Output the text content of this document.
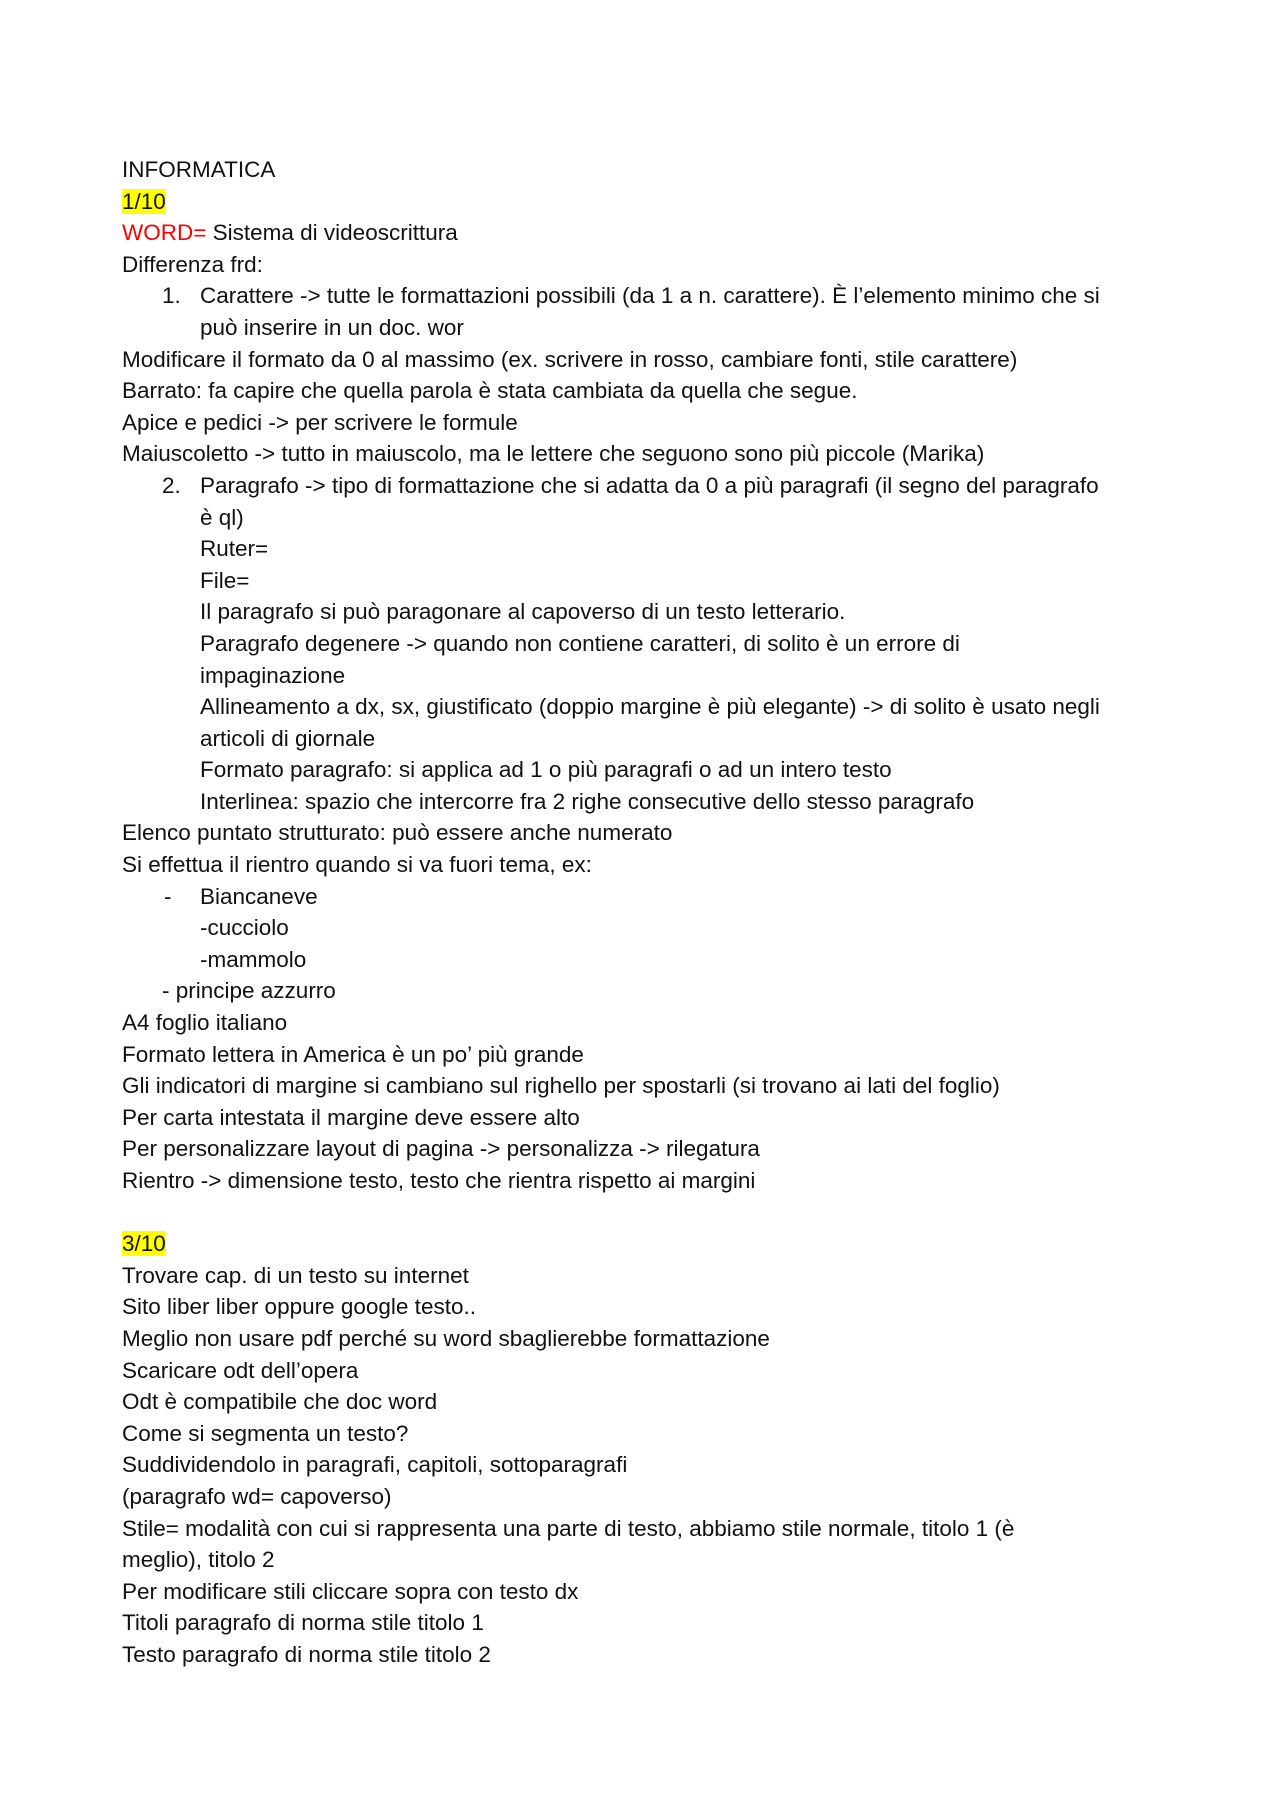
INFORMATICA
1/10
WORD= Sistema di videoscrittura
Differenza frd:
1. Carattere -> tutte le formattazioni possibili (da 1 a n. carattere). È l’elemento minimo che si
può inserire in un doc. wor
Modificare il formato da 0 al massimo (ex. scrivere in rosso, cambiare fonti, stile carattere)
Barrato: fa capire che quella parola è stata cambiata da quella che segue.
Apice e pedici -> per scrivere le formule
Maiuscoletto -> tutto in maiuscolo, ma le lettere che seguono sono più piccole (Marika)
2. Paragrafo -> tipo di formattazione che si adatta da 0 a più paragrafi (il segno del paragrafo
è ql)
Ruter=
File=
Il paragrafo si può paragonare al capoverso di un testo letterario.
Paragrafo degenere -> quando non contiene caratteri, di solito è un errore di
impaginazione
Allineamento a dx, sx, giustificato (doppio margine è più elegante) -> di solito è usato negli
articoli di giornale
Formato paragrafo: si applica ad 1 o più paragrafi o ad un intero testo
Interlinea: spazio che intercorre fra 2 righe consecutive dello stesso paragrafo
Elenco puntato strutturato: può essere anche numerato
Si effettua il rientro quando si va fuori tema, ex:
- Biancaneve
-cucciolo
-mammolo
- principe azzurro
A4 foglio italiano
Formato lettera in America è un po’ più grande
Gli indicatori di margine si cambiano sul righello per spostarli (si trovano ai lati del foglio)
Per carta intestata il margine deve essere alto
Per personalizzare layout di pagina -> personalizza -> rilegatura
Rientro -> dimensione testo, testo che rientra rispetto ai margini
3/10
Trovare cap. di un testo su internet
Sito liber liber oppure google testo..
Meglio non usare pdf perché su word sbaglierebbe formattazione
Scaricare odt dell’opera
Odt è compatibile che doc word
Come si segmenta un testo?
Suddividendolo in paragrafi, capitoli, sottoparagrafi
(paragrafo wd= capoverso)
Stile= modalità con cui si rappresenta una parte di testo, abbiamo stile normale, titolo 1 (è
meglio), titolo 2
Per modificare stili cliccare sopra con testo dx
Titoli paragrafo di norma stile titolo 1
Testo paragrafo di norma stile titolo 2
